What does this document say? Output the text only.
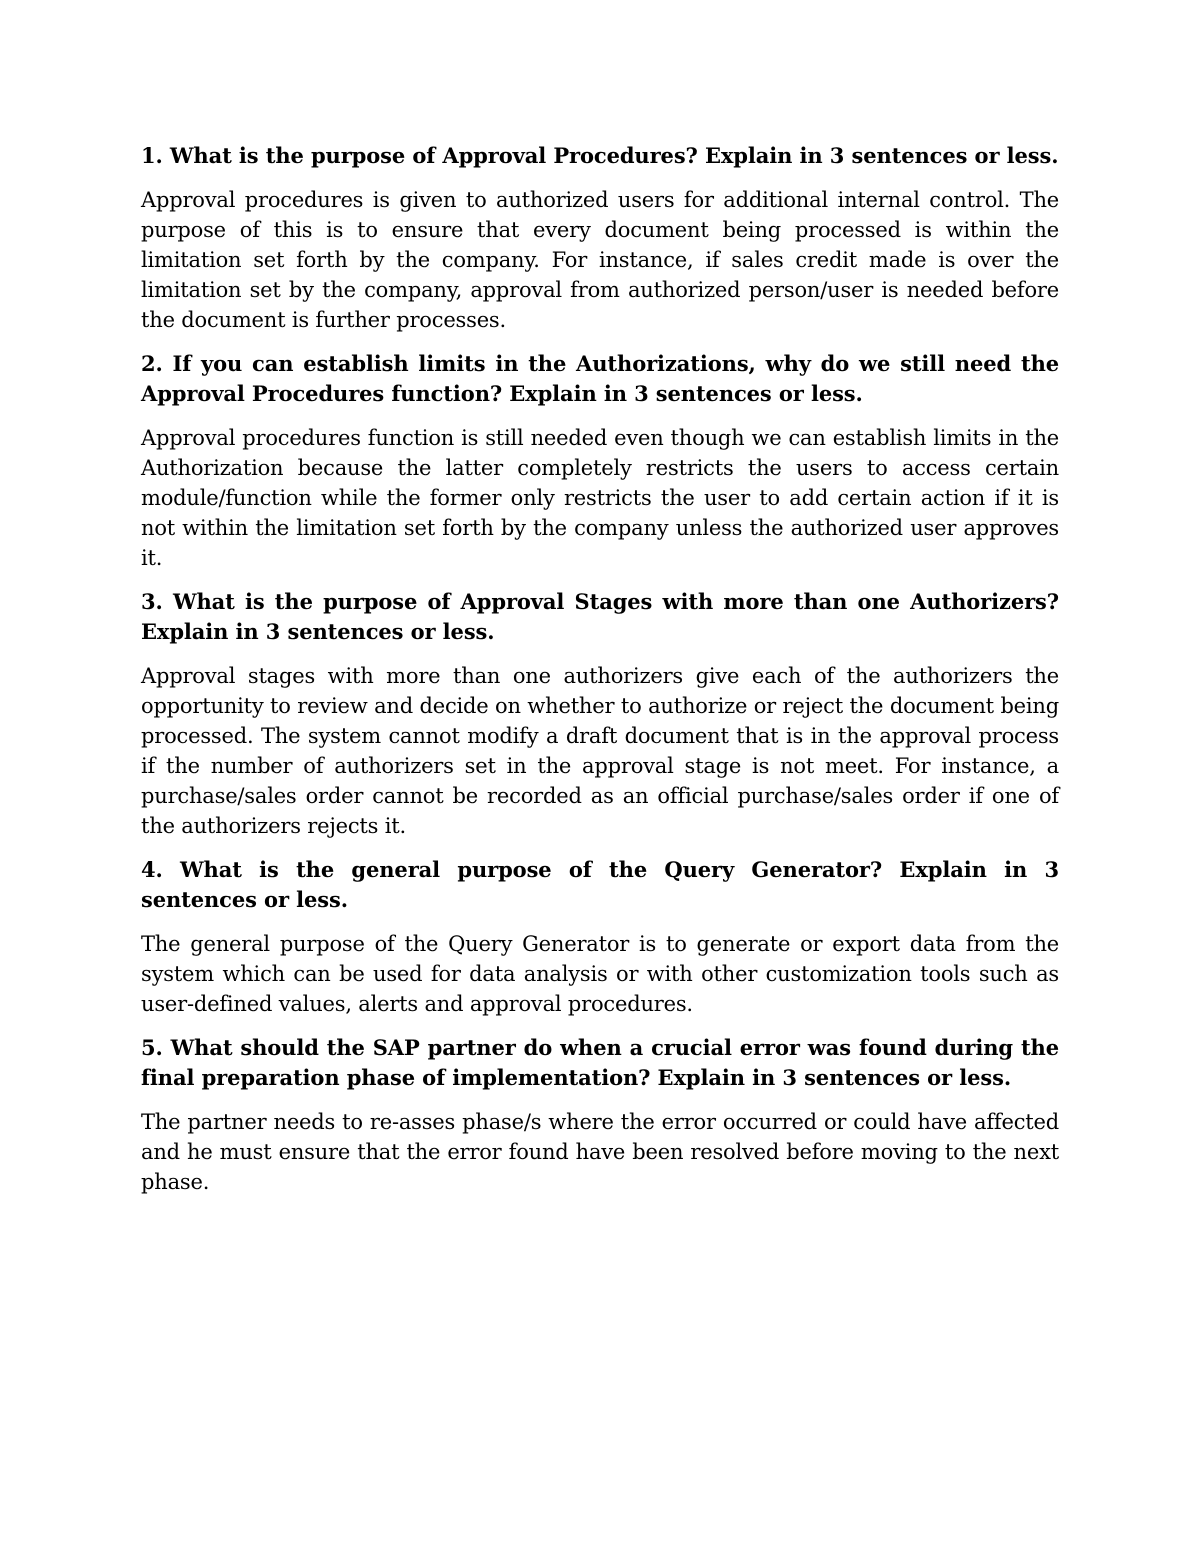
1. What is the purpose of Approval Procedures? Explain in 3 sentences or less.

Approval procedures is given to authorized users for additional internal control. The purpose of this is to ensure that every document being processed is within the limitation set forth by the company. For instance, if sales credit made is over the limitation set by the company, approval from authorized person/user is needed before the document is further processes.

2. If you can establish limits in the Authorizations, why do we still need the Approval Procedures function? Explain in 3 sentences or less.

Approval procedures function is still needed even though we can establish limits in the Authorization because the latter completely restricts the users to access certain module/function while the former only restricts the user to add certain action if it is not within the limitation set forth by the company unless the authorized user approves it.

3. What is the purpose of Approval Stages with more than one Authorizers? Explain in 3 sentences or less.

Approval stages with more than one authorizers give each of the authorizers the opportunity to review and decide on whether to authorize or reject the document being processed. The system cannot modify a draft document that is in the approval process if the number of authorizers set in the approval stage is not meet. For instance, a purchase/sales order cannot be recorded as an official purchase/sales order if one of the authorizers rejects it.

4. What is the general purpose of the Query Generator? Explain in 3 sentences or less.

The general purpose of the Query Generator is to generate or export data from the system which can be used for data analysis or with other customization tools such as user-defined values, alerts and approval procedures.

5. What should the SAP partner do when a crucial error was found during the final preparation phase of implementation? Explain in 3 sentences or less.

The partner needs to re-asses phase/s where the error occurred or could have affected and he must ensure that the error found have been resolved before moving to the next phase.
